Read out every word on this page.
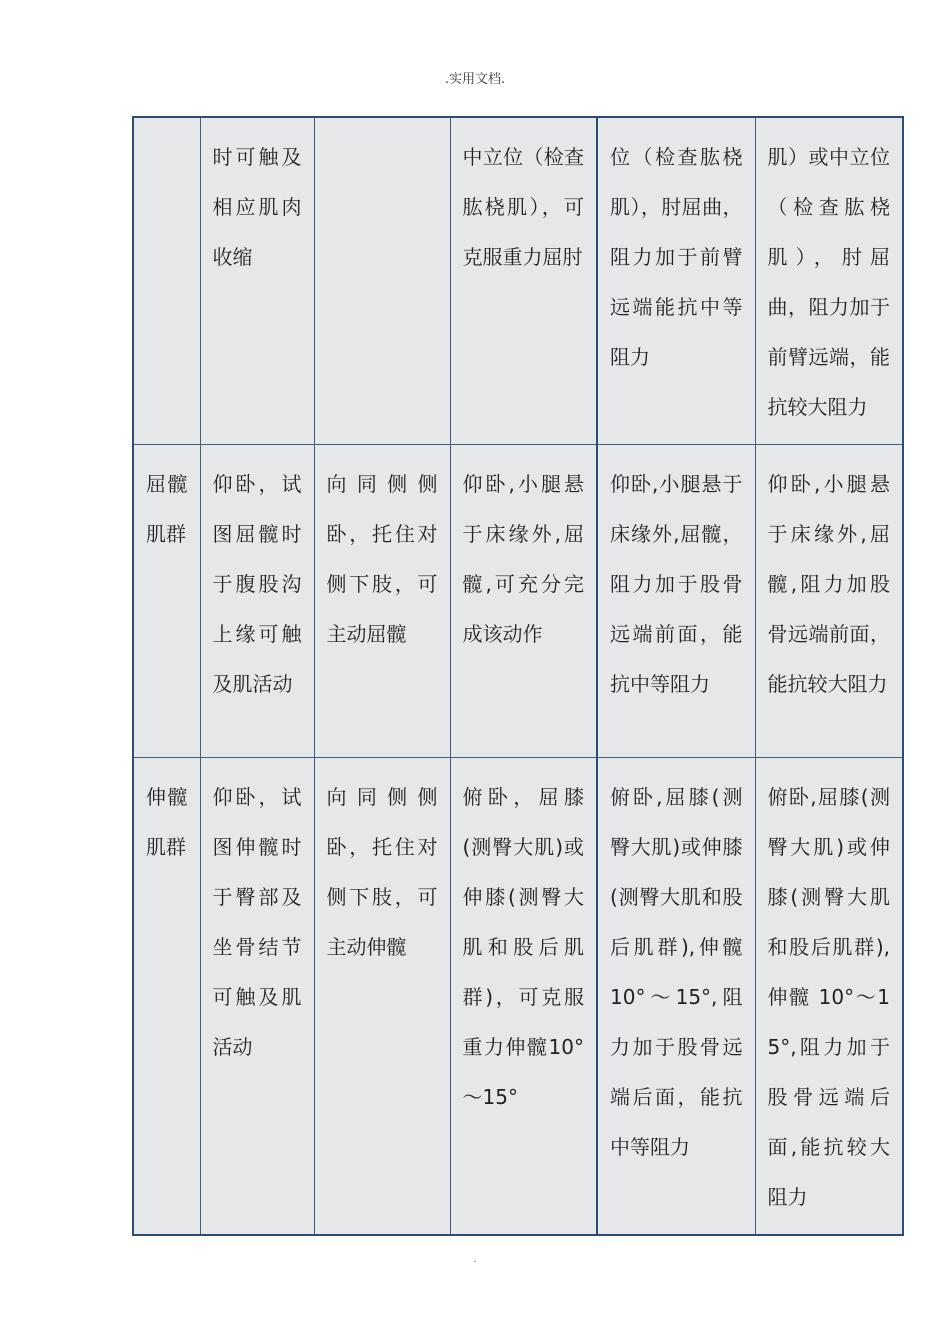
.实用文档.
	时可触及相应肌肉收缩		中立位（检查肱桡肌），可克服重力屈肘	位（检查肱桡肌），肘屈曲，阻力加于前臂远端能抗中等阻力	肌）或中立位（检查肱桡肌），肘屈曲，阻力加于前臂远端，能抗较大阻力
屈髋肌群	仰卧，试图屈髋时于腹股沟上缘可触及肌活动	向同侧侧卧，托住对侧下肢，可主动屈髋	仰卧,小腿悬于床缘外,屈髋,可充分完成该动作	仰卧,小腿悬于床缘外,屈髋，阻力加于股骨远端前面，能抗中等阻力	仰卧,小腿悬于床缘外,屈髋,阻力加股骨远端前面，能抗较大阻力
伸髋肌群	仰卧，试图伸髋时于臀部及坐骨结节可触及肌活动	向同侧侧卧，托住对侧下肢，可主动伸髋	俯卧，屈膝(测臀大肌)或伸膝(测臀大肌和股后肌群)，可克服重力伸髋10°～15°	俯卧,屈膝(测臀大肌)或伸膝(测臀大肌和股后肌群),伸髋 10°～15°,阻力加于股骨远端后面，能抗中等阻力	俯卧,屈膝(测臀大肌)或伸膝(测臀大肌和股后肌群),伸髋 10°～15°,阻力加于股骨远端后面,能抗较大阻力
.
